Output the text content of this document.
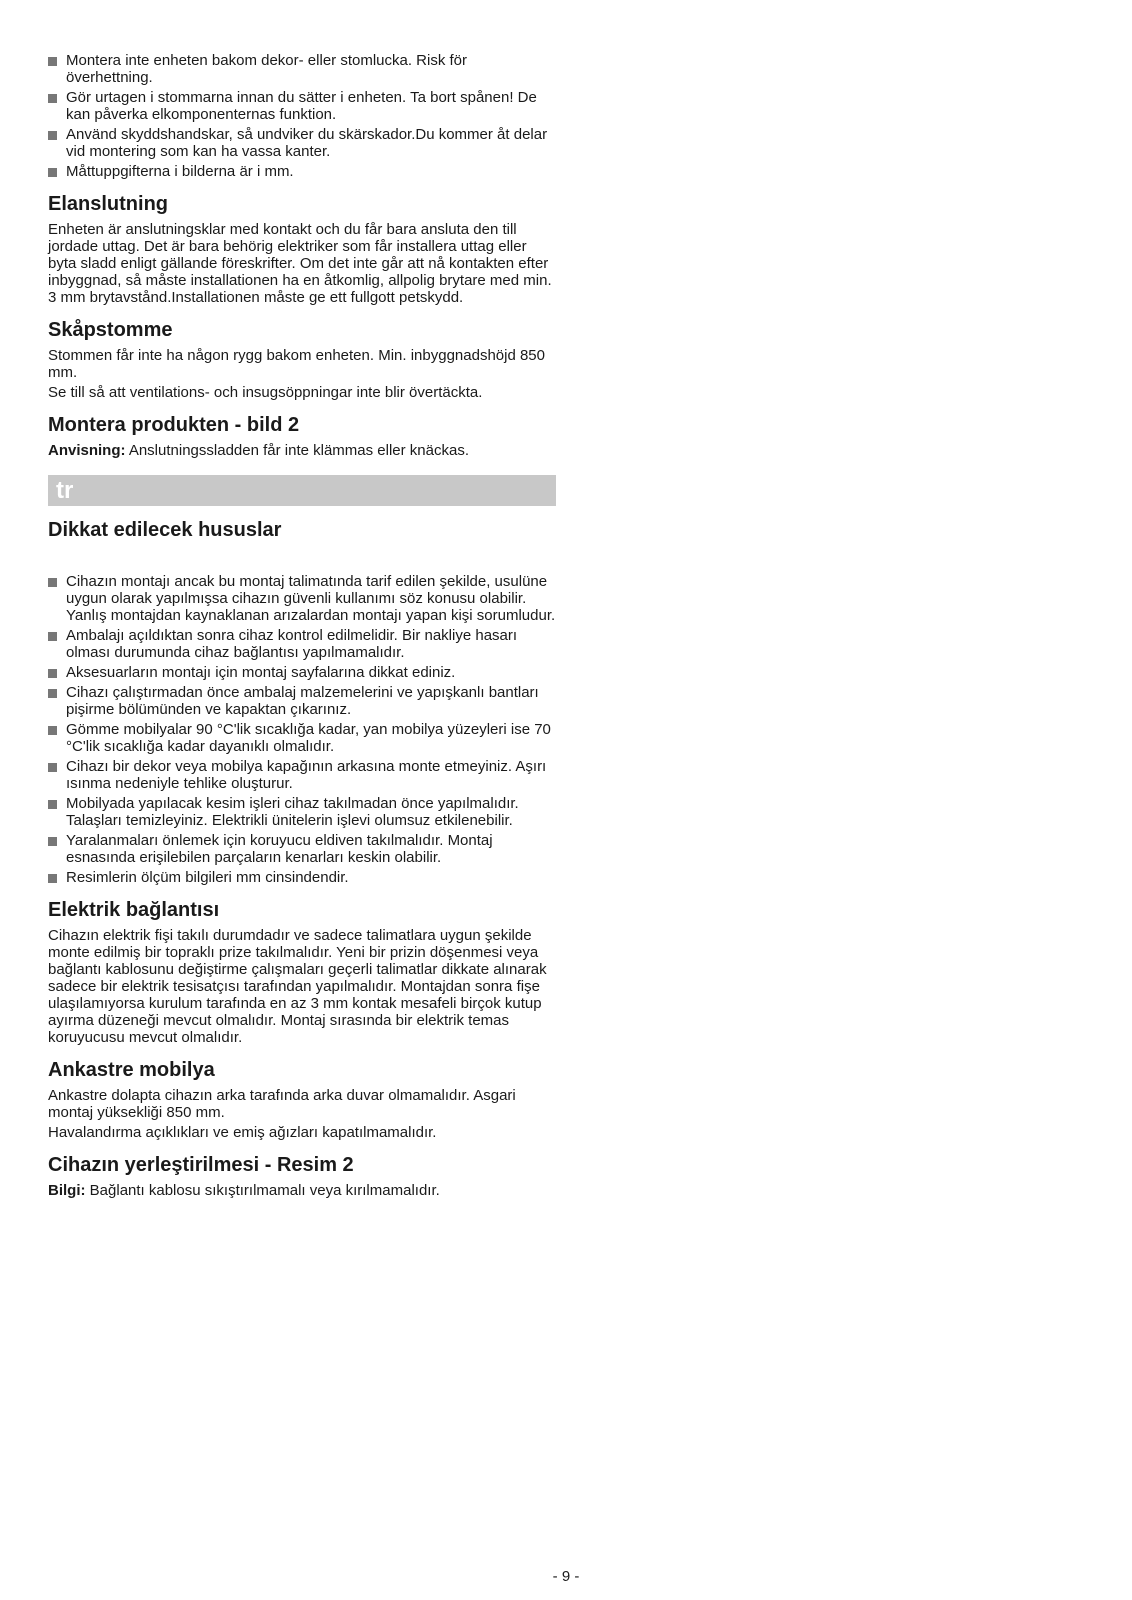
Montera inte enheten bakom dekor- eller stomlucka. Risk för överhettning.
Gör urtagen i stommarna innan du sätter i enheten. Ta bort spånen! De kan påverka elkomponenternas funktion.
Använd skyddshandskar, så undviker du skärskador.Du kommer åt delar vid montering som kan ha vassa kanter.
Måttuppgifterna i bilderna är i mm.
Elanslutning

Enheten är anslutningsklar med kontakt och du får bara ansluta den till jordade uttag. Det är bara behörig elektriker som får installera uttag eller byta sladd enligt gällande föreskrifter. Om det inte går att nå kontakten efter inbyggnad, så måste installationen ha en åtkomlig, allpolig brytare med min. 3 mm brytavstånd.Installationen måste ge ett fullgott petskydd.

Skåpstomme

Stommen får inte ha någon rygg bakom enheten. Min. inbyggnadshöjd 850 mm.

Se till så att ventilations- och insugsöppningar inte blir övertäckta.

Montera produkten - bild 2

Anvisning: Anslutningssladden får inte klämmas eller knäckas.

tr
Dikkat edilecek hususlar
Cihazın montajı ancak bu montaj talimatında tarif edilen şekilde, usulüne uygun olarak yapılmışsa cihazın güvenli kullanımı söz konusu olabilir. Yanlış montajdan kaynaklanan arızalardan montajı yapan kişi sorumludur.
Ambalajı açıldıktan sonra cihaz kontrol edilmelidir. Bir nakliye hasarı olması durumunda cihaz bağlantısı yapılmamalıdır.
Aksesuarların montajı için montaj sayfalarına dikkat ediniz.
Cihazı çalıştırmadan önce ambalaj malzemelerini ve yapışkanlı bantları pişirme bölümünden ve kapaktan çıkarınız.
Gömme mobilyalar 90 °C'lik sıcaklığa kadar, yan mobilya yüzeyleri ise 70 °C'lik sıcaklığa kadar dayanıklı olmalıdır.
Cihazı bir dekor veya mobilya kapağının arkasına monte etmeyiniz. Aşırı ısınma nedeniyle tehlike oluşturur.
Mobilyada yapılacak kesim işleri cihaz takılmadan önce yapılmalıdır. Talaşları temizleyiniz. Elektrikli ünitelerin işlevi olumsuz etkilenebilir.
Yaralanmaları önlemek için koruyucu eldiven takılmalıdır. Montaj esnasında erişilebilen parçaların kenarları keskin olabilir.
Resimlerin ölçüm bilgileri mm cinsindendir.
Elektrik bağlantısı

Cihazın elektrik fişi takılı durumdadır ve sadece talimatlara uygun şekilde monte edilmiş bir topraklı prize takılmalıdır. Yeni bir prizin döşenmesi veya bağlantı kablosunu değiştirme çalışmaları geçerli talimatlar dikkate alınarak sadece bir elektrik tesisatçısı tarafından yapılmalıdır. Montajdan sonra fişe ulaşılamıyorsa kurulum tarafında en az 3 mm kontak mesafeli birçok kutup ayırma düzeneği mevcut olmalıdır. Montaj sırasında bir elektrik temas koruyucusu mevcut olmalıdır.

Ankastre mobilya

Ankastre dolapta cihazın arka tarafında arka duvar olmamalıdır. Asgari montaj yüksekliği 850 mm.

Havalandırma açıklıkları ve emiş ağızları kapatılmamalıdır.

Cihazın yerleştirilmesi - Resim 2

Bilgi: Bağlantı kablosu sıkıştırılmamalı veya kırılmamalıdır.

- 9 -
